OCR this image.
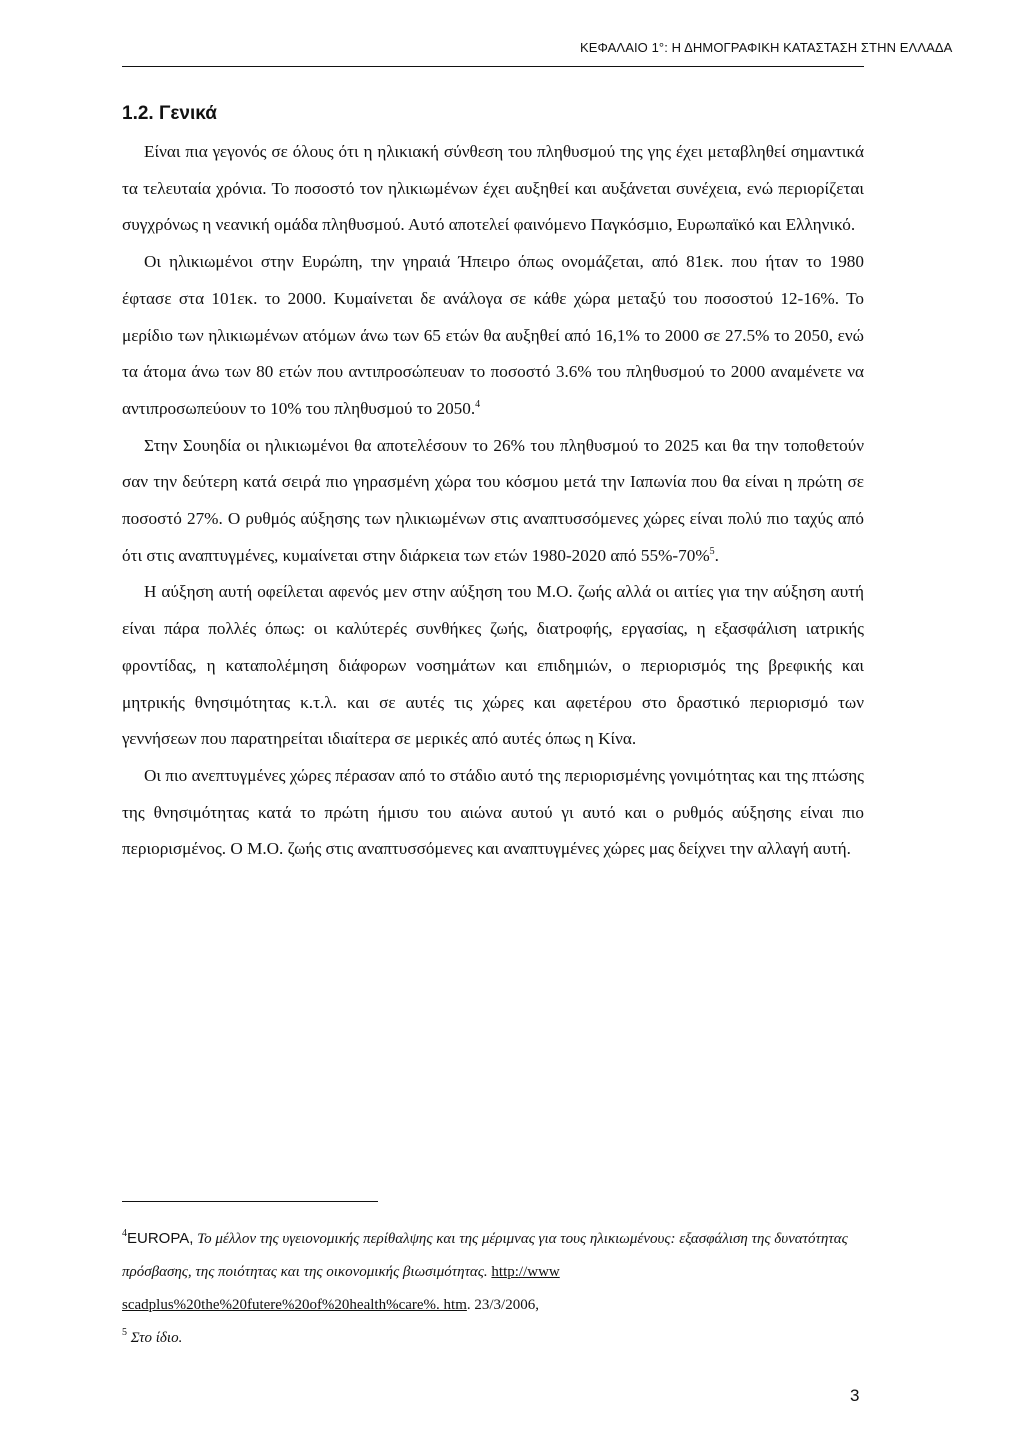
ΚΕΦΑΛΑΙΟ 1°: Η ΔΗΜΟΓΡΑΦΙΚΗ ΚΑΤΑΣΤΑΣΗ ΣΤΗΝ ΕΛΛΑΔΑ
1.2. Γενικά

Είναι πια γεγονός σε όλους ότι η ηλικιακή σύνθεση του πληθυσμού της γης έχει μεταβληθεί σημαντικά τα τελευταία χρόνια. Το ποσοστό τον ηλικιωμένων έχει αυξηθεί και αυξάνεται συνέχεια, ενώ περιορίζεται συγχρόνως η νεανική ομάδα πληθυσμού. Αυτό αποτελεί φαινόμενο Παγκόσμιο, Ευρωπαϊκό και Ελληνικό.

Οι ηλικιωμένοι στην Ευρώπη, την γηραιά Ήπειρο όπως ονομάζεται, από 81εκ. που ήταν το 1980 έφτασε στα 101εκ. το 2000. Κυμαίνεται δε ανάλογα σε κάθε χώρα μεταξύ του ποσοστού 12-16%. Το μερίδιο των ηλικιωμένων ατόμων άνω των 65 ετών θα αυξηθεί από 16,1% το 2000 σε 27.5% το 2050, ενώ τα άτομα άνω των 80 ετών που αντιπροσώπευαν το ποσοστό 3.6% του πληθυσμού το 2000 αναμένετε να αντιπροσωπεύουν το 10% του πληθυσμού το 2050.$^4$

Στην Σουηδία οι ηλικιωμένοι θα αποτελέσουν το 26% του πληθυσμού το 2025 και θα την τοποθετούν σαν την δεύτερη κατά σειρά πιο γηρασμένη χώρα του κόσμου μετά την Ιαπωνία που θα είναι η πρώτη σε ποσοστό 27%. Ο ρυθμός αύξησης των ηλικιωμένων στις αναπτυσσόμενες χώρες είναι πολύ πιο ταχύς από ότι στις αναπτυγμένες, κυμαίνεται στην διάρκεια των ετών 1980-2020 από 55%-70%$^5$.

Η αύξηση αυτή οφείλεται αφενός μεν στην αύξηση του Μ.Ο. ζωής αλλά οι αιτίες για την αύξηση αυτή είναι πάρα πολλές όπως: οι καλύτερές συνθήκες ζωής, διατροφής, εργασίας, η εξασφάλιση ιατρικής φροντίδας, η καταπολέμηση διάφορων νοσημάτων και επιδημιών, ο περιορισμός της βρεφικής και μητρικής θνησιμότητας κ.τ.λ. και σε αυτές τις χώρες και αφετέρου στο δραστικό περιορισμό των γεννήσεων που παρατηρείται ιδιαίτερα σε μερικές από αυτές όπως η Κίνα.

Οι πιο ανεπτυγμένες χώρες πέρασαν από το στάδιο αυτό της περιορισμένης γονιμότητας και της πτώσης της θνησιμότητας κατά το πρώτη ήμισυ του αιώνα αυτού γι αυτό και ο ρυθμός αύξησης είναι πιο περιορισμένος. Ο Μ.Ο. ζωής στις αναπτυσσόμενες και αναπτυγμένες χώρες μας δείχνει την αλλαγή αυτή.

$^4$EUROPA, Το μέλλον της υγειονομικής περίθαλψης και της μέριμνας για τους ηλικιωμένους: εξασφάλιση της δυνατότητας πρόσβασης, της ποιότητας και της οικονομικής βιωσιμότητας. http://www scadplus%20the%20futere%20of%20health%care%. htm. 23/3/2006,

$^5$ Στο ίδιο.

3
